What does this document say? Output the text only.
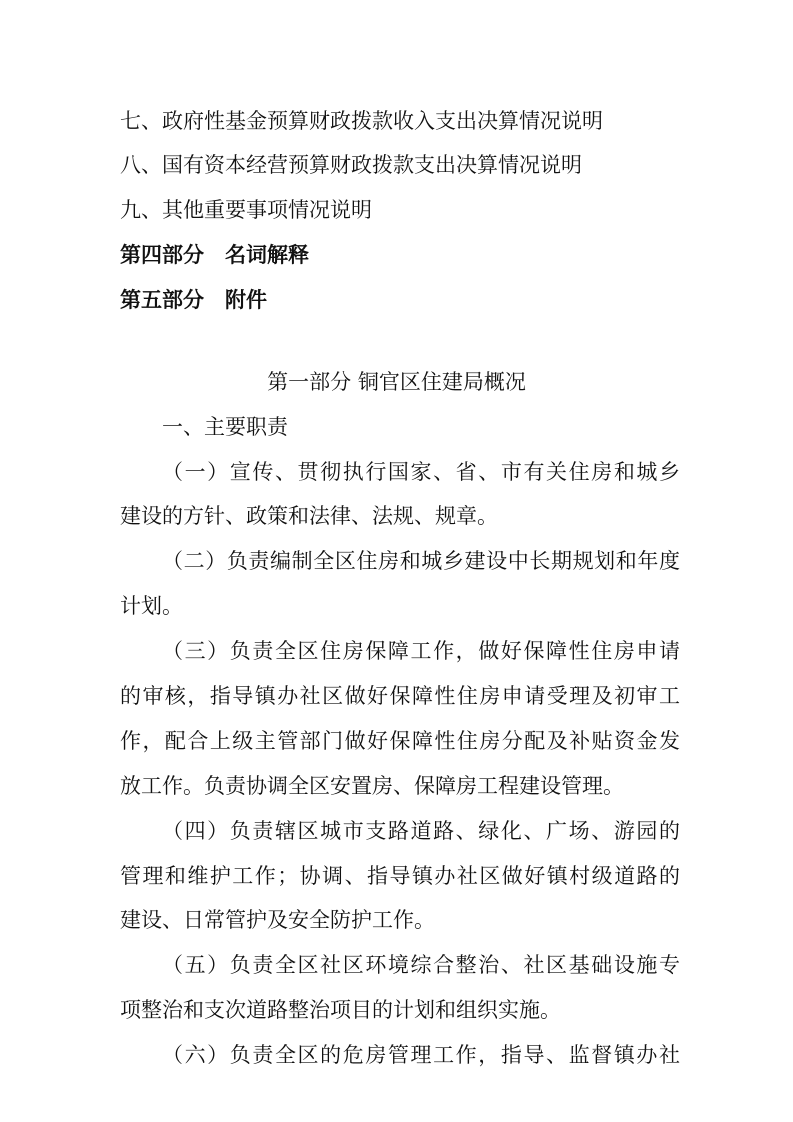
七、政府性基金预算财政拨款收入支出决算情况说明
八、国有资本经营预算财政拨款支出决算情况说明
九、其他重要事项情况说明
第四部分　名词解释
第五部分　附件
第一部分 铜官区住建局概况
一、主要职责
（一）宣传、贯彻执行国家、省、市有关住房和城乡
建设的方针、政策和法律、法规、规章。
（二）负责编制全区住房和城乡建设中长期规划和年度
计划。
（三）负责全区住房保障工作，做好保障性住房申请
的审核，指导镇办社区做好保障性住房申请受理及初审工
作，配合上级主管部门做好保障性住房分配及补贴资金发
放工作。负责协调全区安置房、保障房工程建设管理。
（四）负责辖区城市支路道路、绿化、广场、游园的
管理和维护工作；协调、指导镇办社区做好镇村级道路的
建设、日常管护及安全防护工作。
（五）负责全区社区环境综合整治、社区基础设施专
项整治和支次道路整治项目的计划和组织实施。
（六）负责全区的危房管理工作，指导、监督镇办社
